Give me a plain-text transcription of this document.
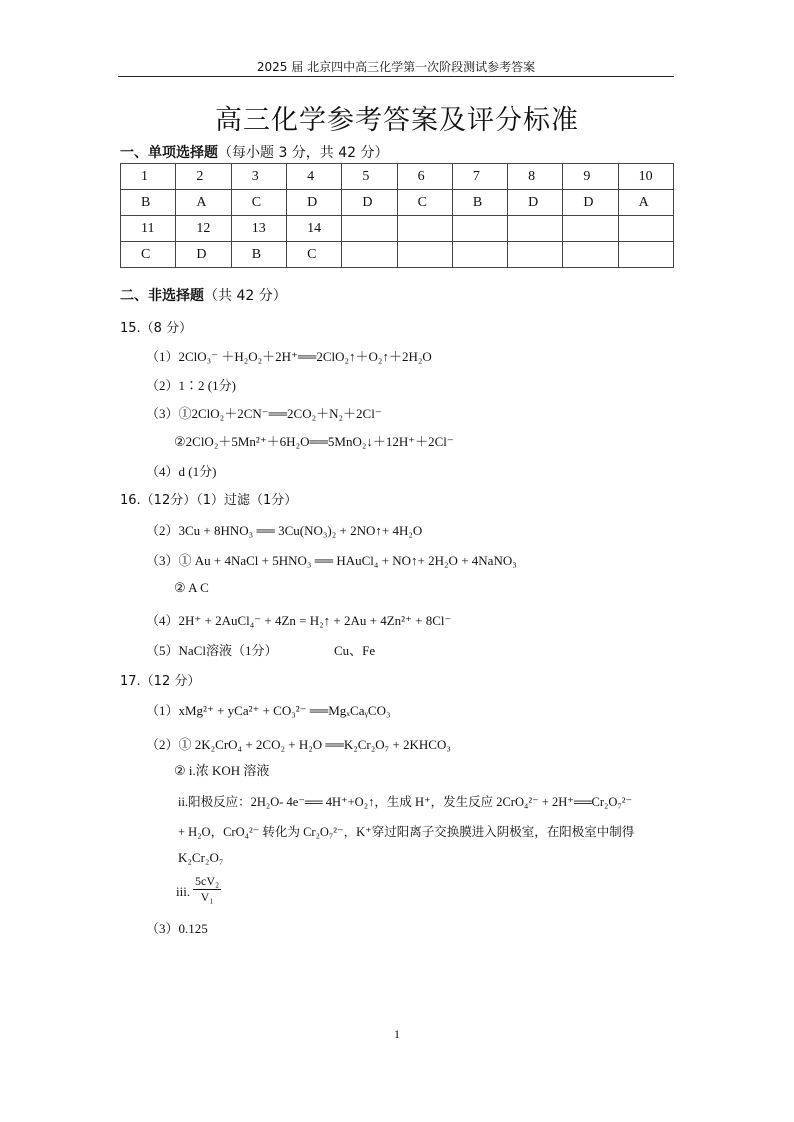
2025 届 北京四中高三化学第一次阶段测试参考答案
高三化学参考答案及评分标准
一、单项选择题（每小题 3 分，共 42 分）
1	2	3	4	5	6	7	8	9	10
B	A	C	D	D	C	B	D	D	A
11	12	13	14						
C	D	B	C						
二、非选择题（共 42 分）
15.（8 分）
（1）2ClO₃⁻ ＋H₂O₂＋2H⁺══2ClO₂↑＋O₂↑＋2H₂O
（2）1∶2 (1分)
（3）①2ClO₂＋2CN⁻══2CO₂＋N₂＋2Cl⁻
②2ClO₂＋5Mn²⁺＋6H₂O══5MnO₂↓＋12H⁺＋2Cl⁻
（4）d (1分)
16.（12分）（1）过滤（1分）
（2）3Cu + 8HNO₃ ══ 3Cu(NO₃)₂ + 2NO↑+ 4H₂O
（3）① Au + 4NaCl + 5HNO₃ ══ HAuCl₄ + NO↑+ 2H₂O + 4NaNO₃
② A C
（4）2H⁺ + 2AuCl₄⁻ + 4Zn = H₂↑ + 2Au + 4Zn²⁺ + 8Cl⁻
（5）NaCl溶液（1分）	Cu、Fe
17.（12 分）
（1）xMg²⁺ + yCa²⁺ + CO₃²⁻ ══MgₓCaᵧCO₃
（2）① 2K₂CrO₄ + 2CO₂ + H₂O ══K₂Cr₂O₇ + 2KHCO₃
② i.浓 KOH 溶液
ii.阳极反应：2H₂O- 4e⁻══ 4H⁺+O₂↑，生成 H⁺，发生反应 2CrO₄²⁻ + 2H⁺══Cr₂O₇²⁻
+ H₂O，CrO₄²⁻ 转化为 Cr₂O₇²⁻，K⁺穿过阳离子交换膜进入阴极室，在阳极室中制得
K₂Cr₂O₇
iii. $\frac{\text{5cV₂}}{\text{V₁}}$
（3）0.125
1
